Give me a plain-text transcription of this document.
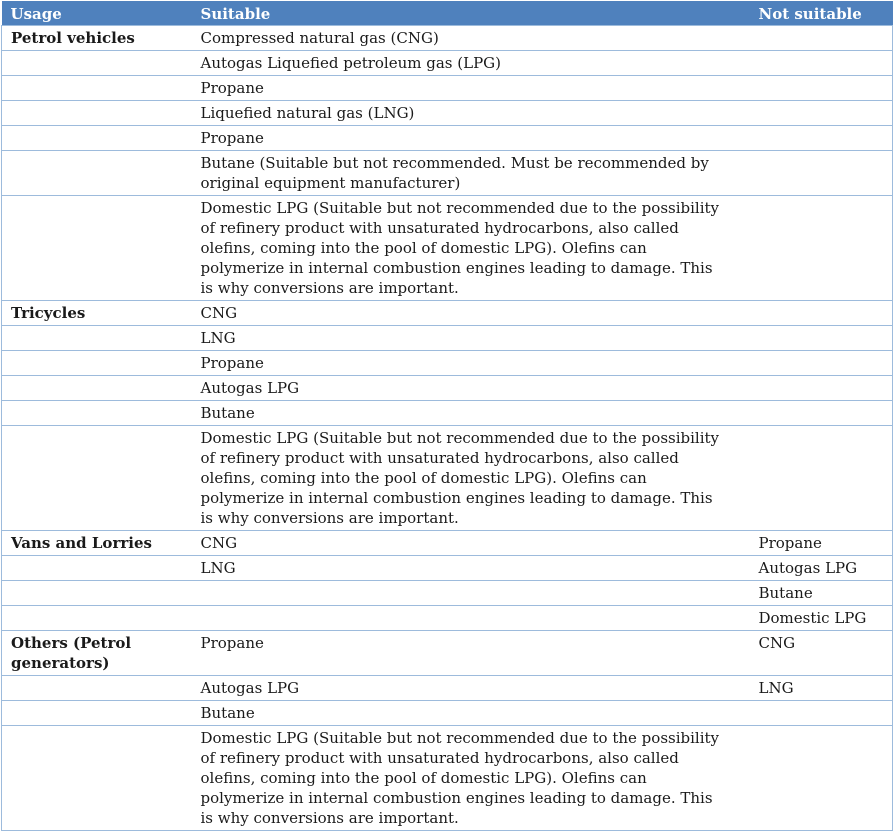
Usage	Suitable	Not suitable
Petrol vehicles	Compressed natural gas (CNG)	
	Autogas Liquefied petroleum gas (LPG)	
	Propane	
	Liquefied natural gas (LNG)	
	Propane	
	Butane (Suitable but not recommended. Must be recommended by original equipment manufacturer)	
	Domestic LPG (Suitable but not recommended due to the possibility of refinery product with unsaturated hydrocarbons, also called olefins, coming into the pool of domestic LPG). Olefins can polymerize in internal combustion engines leading to damage. This is why conversions are important.	
Tricycles	CNG	
	LNG	
	Propane	
	Autogas LPG	
	Butane	
	Domestic LPG (Suitable but not recommended due to the possibility of refinery product with unsaturated hydrocarbons, also called olefins, coming into the pool of domestic LPG). Olefins can polymerize in internal combustion engines leading to damage. This is why conversions are important.	
Vans and Lorries	CNG	Propane
	LNG	Autogas LPG
		Butane
		Domestic LPG
Others (Petrol generators)	Propane	CNG
	Autogas LPG	LNG
	Butane	
	Domestic LPG (Suitable but not recommended due to the possibility of refinery product with unsaturated hydrocarbons, also called olefins, coming into the pool of domestic LPG). Olefins can polymerize in internal combustion engines leading to damage. This is why conversions are important.	
